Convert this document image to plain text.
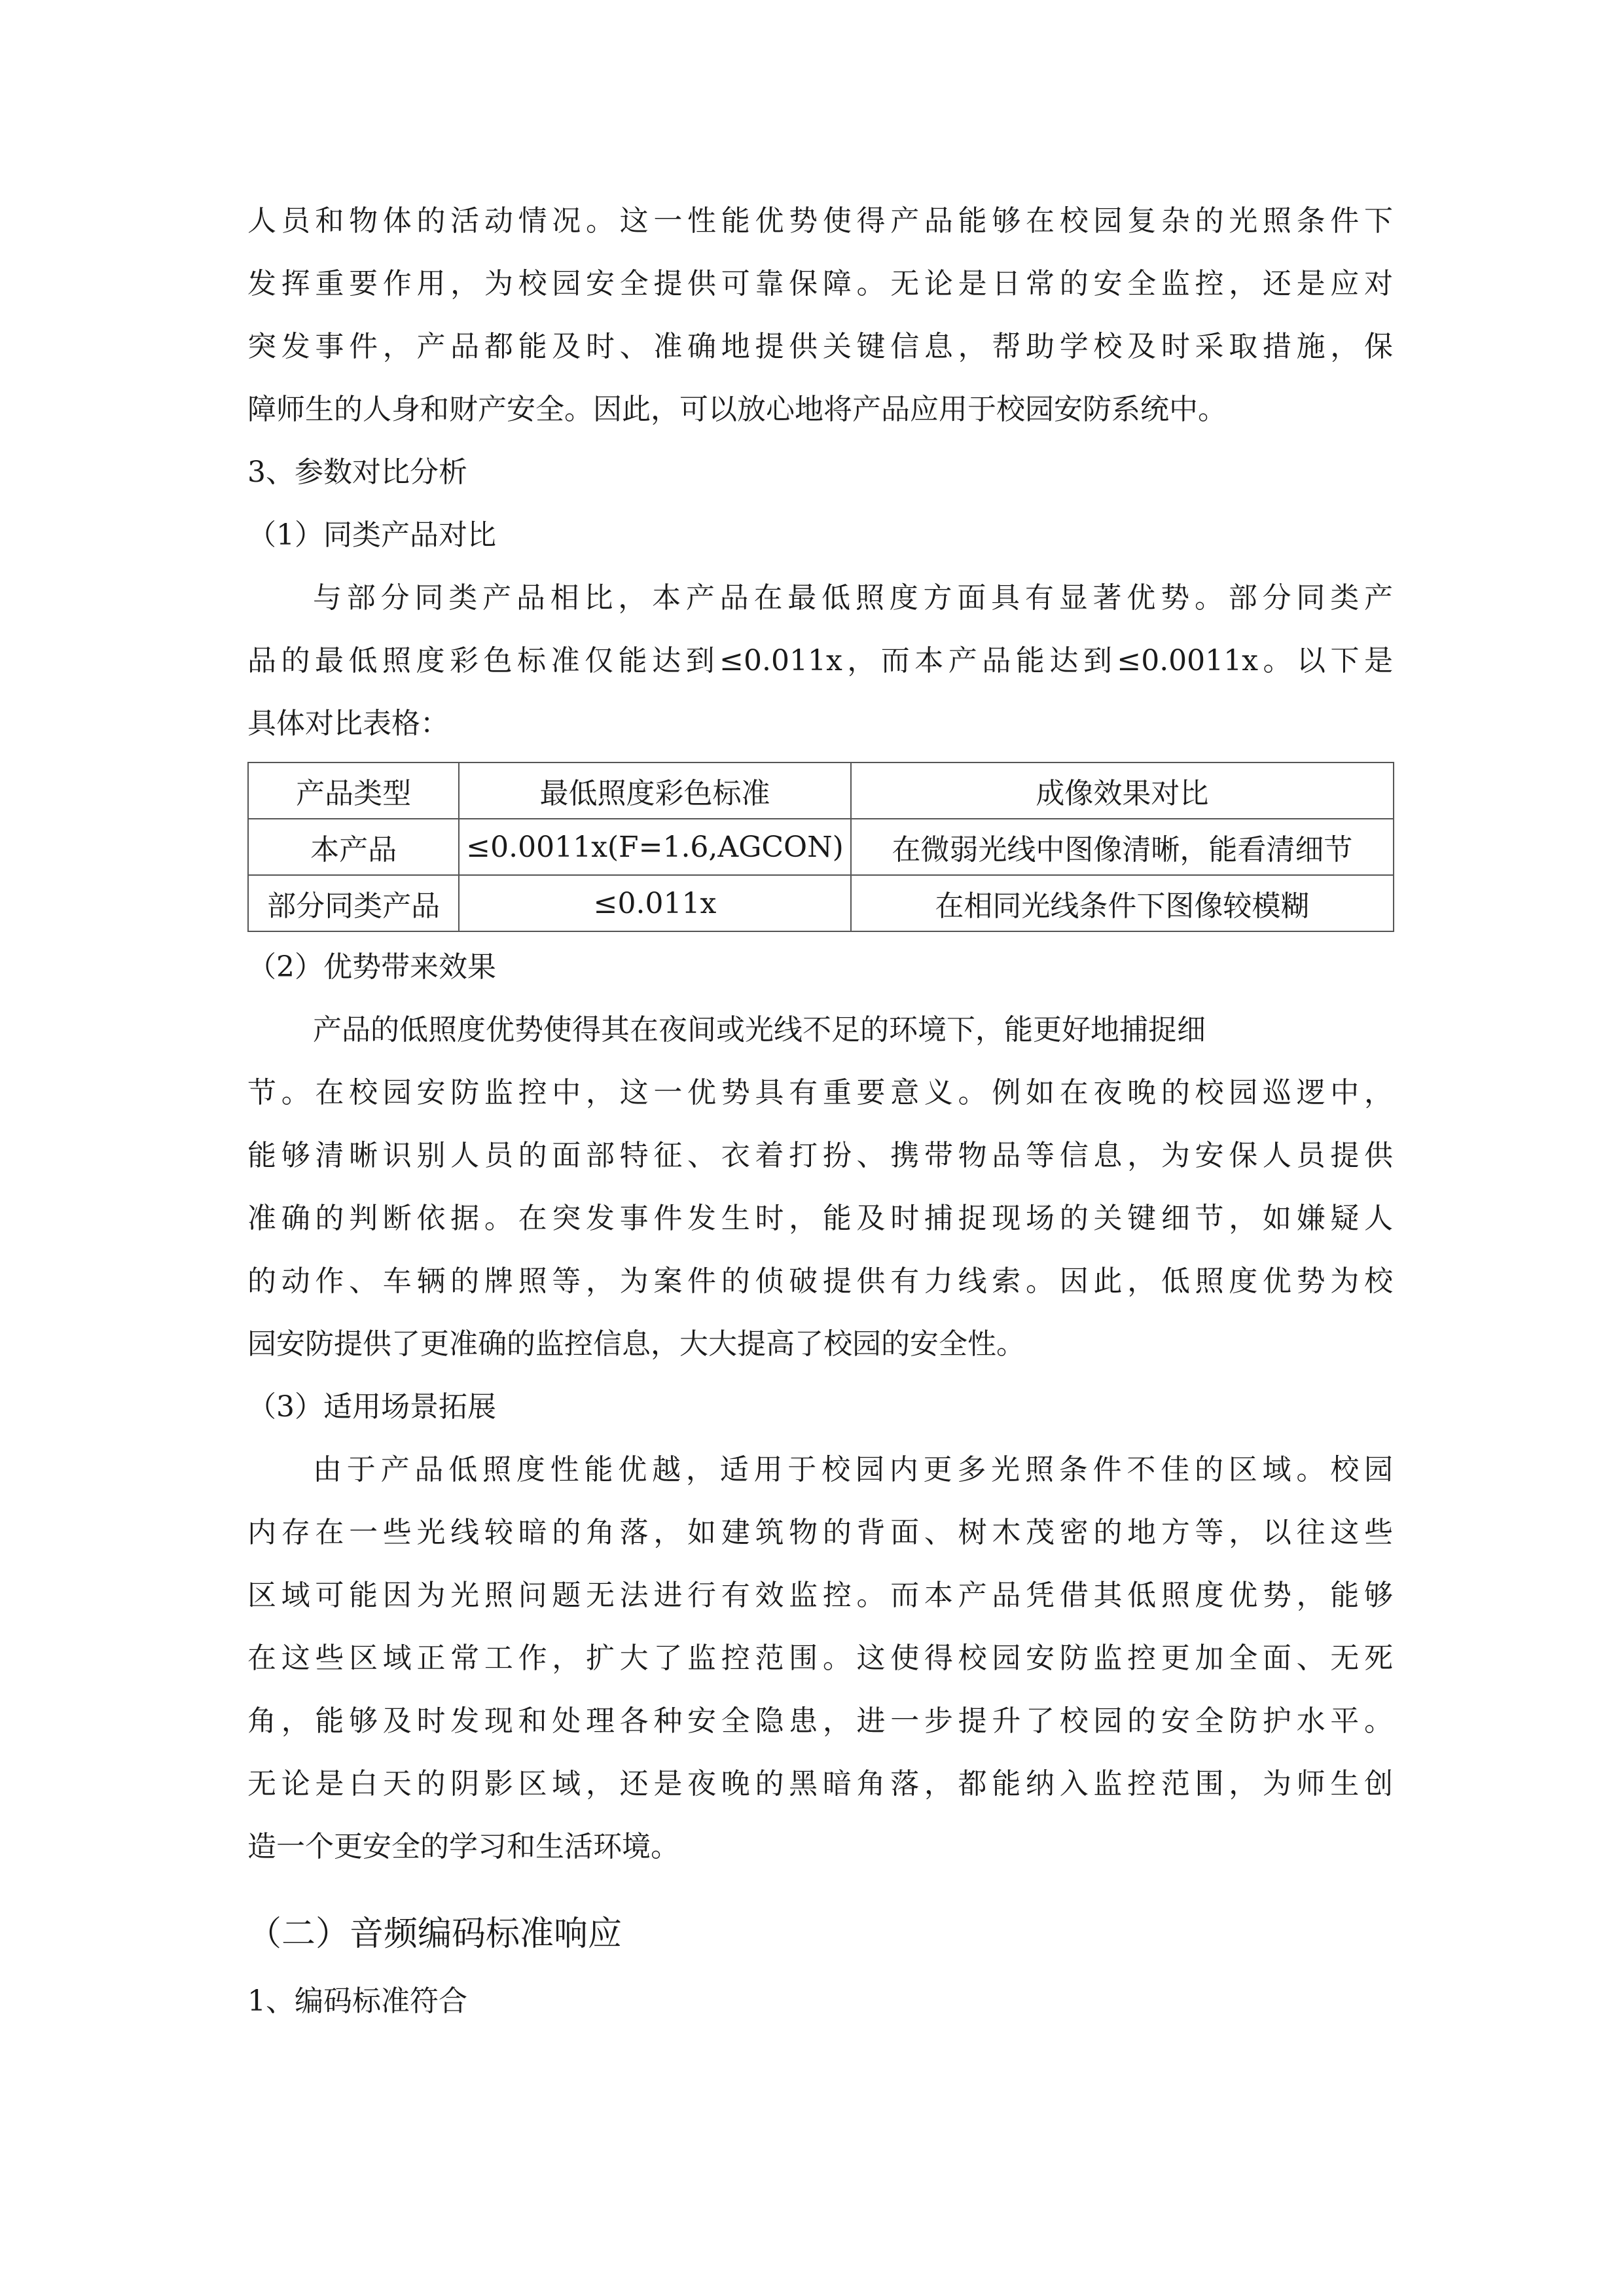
人员和物体的活动情况。这一性能优势使得产品能够在校园复杂的光照条件下

发挥重要作用，为校园安全提供可靠保障。无论是日常的安全监控，还是应对

突发事件，产品都能及时、准确地提供关键信息，帮助学校及时采取措施，保

障师生的人身和财产安全。因此，可以放心地将产品应用于校园安防系统中。

3、参数对比分析

（1）同类产品对比

与部分同类产品相比，本产品在最低照度方面具有显著优势。部分同类产

品的最低照度彩色标准仅能达到≤0.011x，而本产品能达到≤0.0011x。以下是

具体对比表格：

产品类型	最低照度彩色标准	成像效果对比
本产品	≤0.0011x(F=1.6,AGCON)	在微弱光线中图像清晰，能看清细节
部分同类产品	≤0.011x	在相同光线条件下图像较模糊

（2）优势带来效果

产品的低照度优势使得其在夜间或光线不足的环境下，能更好地捕捉细

节。在校园安防监控中，这一优势具有重要意义。例如在夜晚的校园巡逻中，

能够清晰识别人员的面部特征、衣着打扮、携带物品等信息，为安保人员提供

准确的判断依据。在突发事件发生时，能及时捕捉现场的关键细节，如嫌疑人

的动作、车辆的牌照等，为案件的侦破提供有力线索。因此，低照度优势为校

园安防提供了更准确的监控信息，大大提高了校园的安全性。

（3）适用场景拓展

由于产品低照度性能优越，适用于校园内更多光照条件不佳的区域。校园

内存在一些光线较暗的角落，如建筑物的背面、树木茂密的地方等，以往这些

区域可能因为光照问题无法进行有效监控。而本产品凭借其低照度优势，能够

在这些区域正常工作，扩大了监控范围。这使得校园安防监控更加全面、无死

角，能够及时发现和处理各种安全隐患，进一步提升了校园的安全防护水平。

无论是白天的阴影区域，还是夜晚的黑暗角落，都能纳入监控范围，为师生创

造一个更安全的学习和生活环境。

（二）音频编码标准响应

1、编码标准符合
